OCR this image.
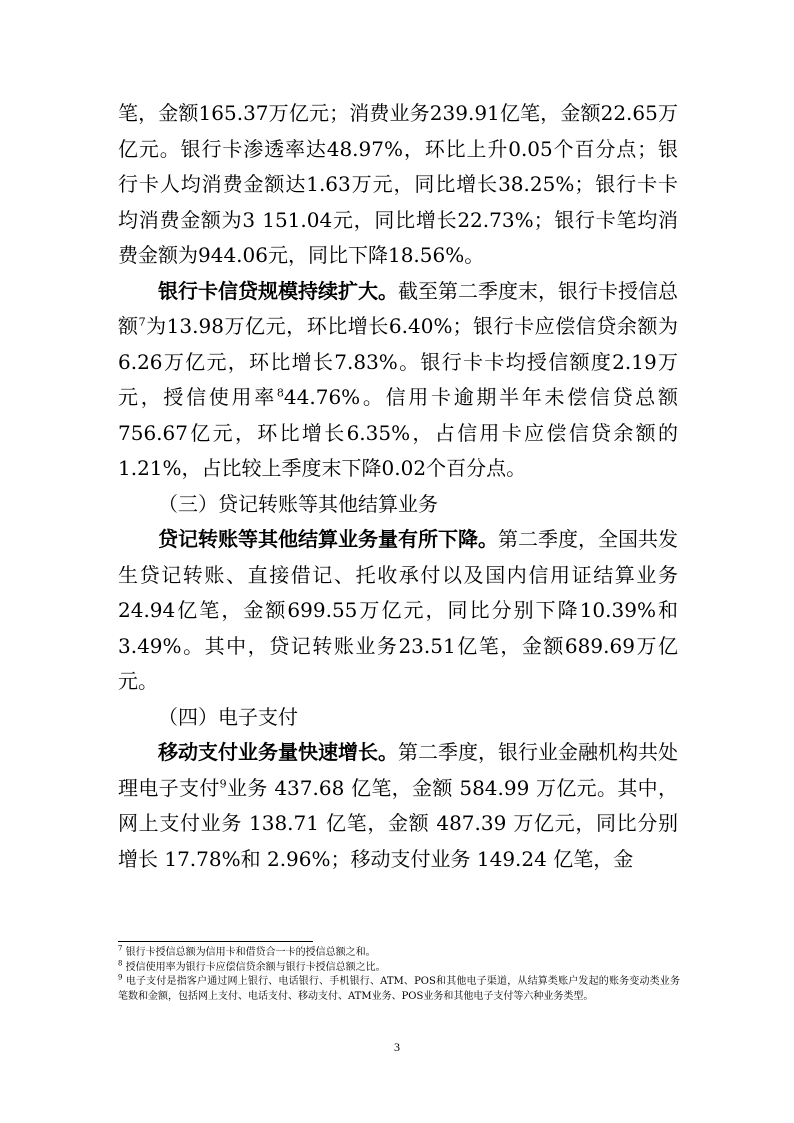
笔，金额165.37万亿元；消费业务239.91亿笔，金额22.65万亿元。银行卡渗透率达48.97%，环比上升0.05个百分点；银行卡人均消费金额达1.63万元，同比增长38.25%；银行卡卡均消费金额为3 151.04元，同比增长22.73%；银行卡笔均消费金额为944.06元，同比下降18.56%。

银行卡信贷规模持续扩大。截至第二季度末，银行卡授信总额$^7$为13.98万亿元，环比增长6.40%；银行卡应偿信贷余额为6.26万亿元，环比增长7.83%。银行卡卡均授信额度2.19万元，授信使用率$^8$44.76%。信用卡逾期半年未偿信贷总额756.67亿元，环比增长6.35%，占信用卡应偿信贷余额的1.21%，占比较上季度末下降0.02个百分点。

（三）贷记转账等其他结算业务

贷记转账等其他结算业务量有所下降。第二季度，全国共发生贷记转账、直接借记、托收承付以及国内信用证结算业务24.94亿笔，金额699.55万亿元，同比分别下降10.39%和3.49%。其中，贷记转账业务23.51亿笔，金额689.69万亿元。

（四）电子支付

移动支付业务量快速增长。第二季度，银行业金融机构共处理电子支付$^9$业务 437.68 亿笔，金额 584.99 万亿元。其中，网上支付业务 138.71 亿笔，金额 487.39 万亿元，同比分别增长 17.78%和 2.96%；移动支付业务 149.24 亿笔，金

$^7$ 银行卡授信总额为信用卡和借贷合一卡的授信总额之和。

$^8$ 授信使用率为银行卡应偿信贷余额与银行卡授信总额之比。

$^9$ 电子支付是指客户通过网上银行、电话银行、手机银行、ATM、POS和其他电子渠道，从结算类账户发起的账务变动类业务笔数和金额，包括网上支付、电话支付、移动支付、ATM业务、POS业务和其他电子支付等六种业务类型。

3
